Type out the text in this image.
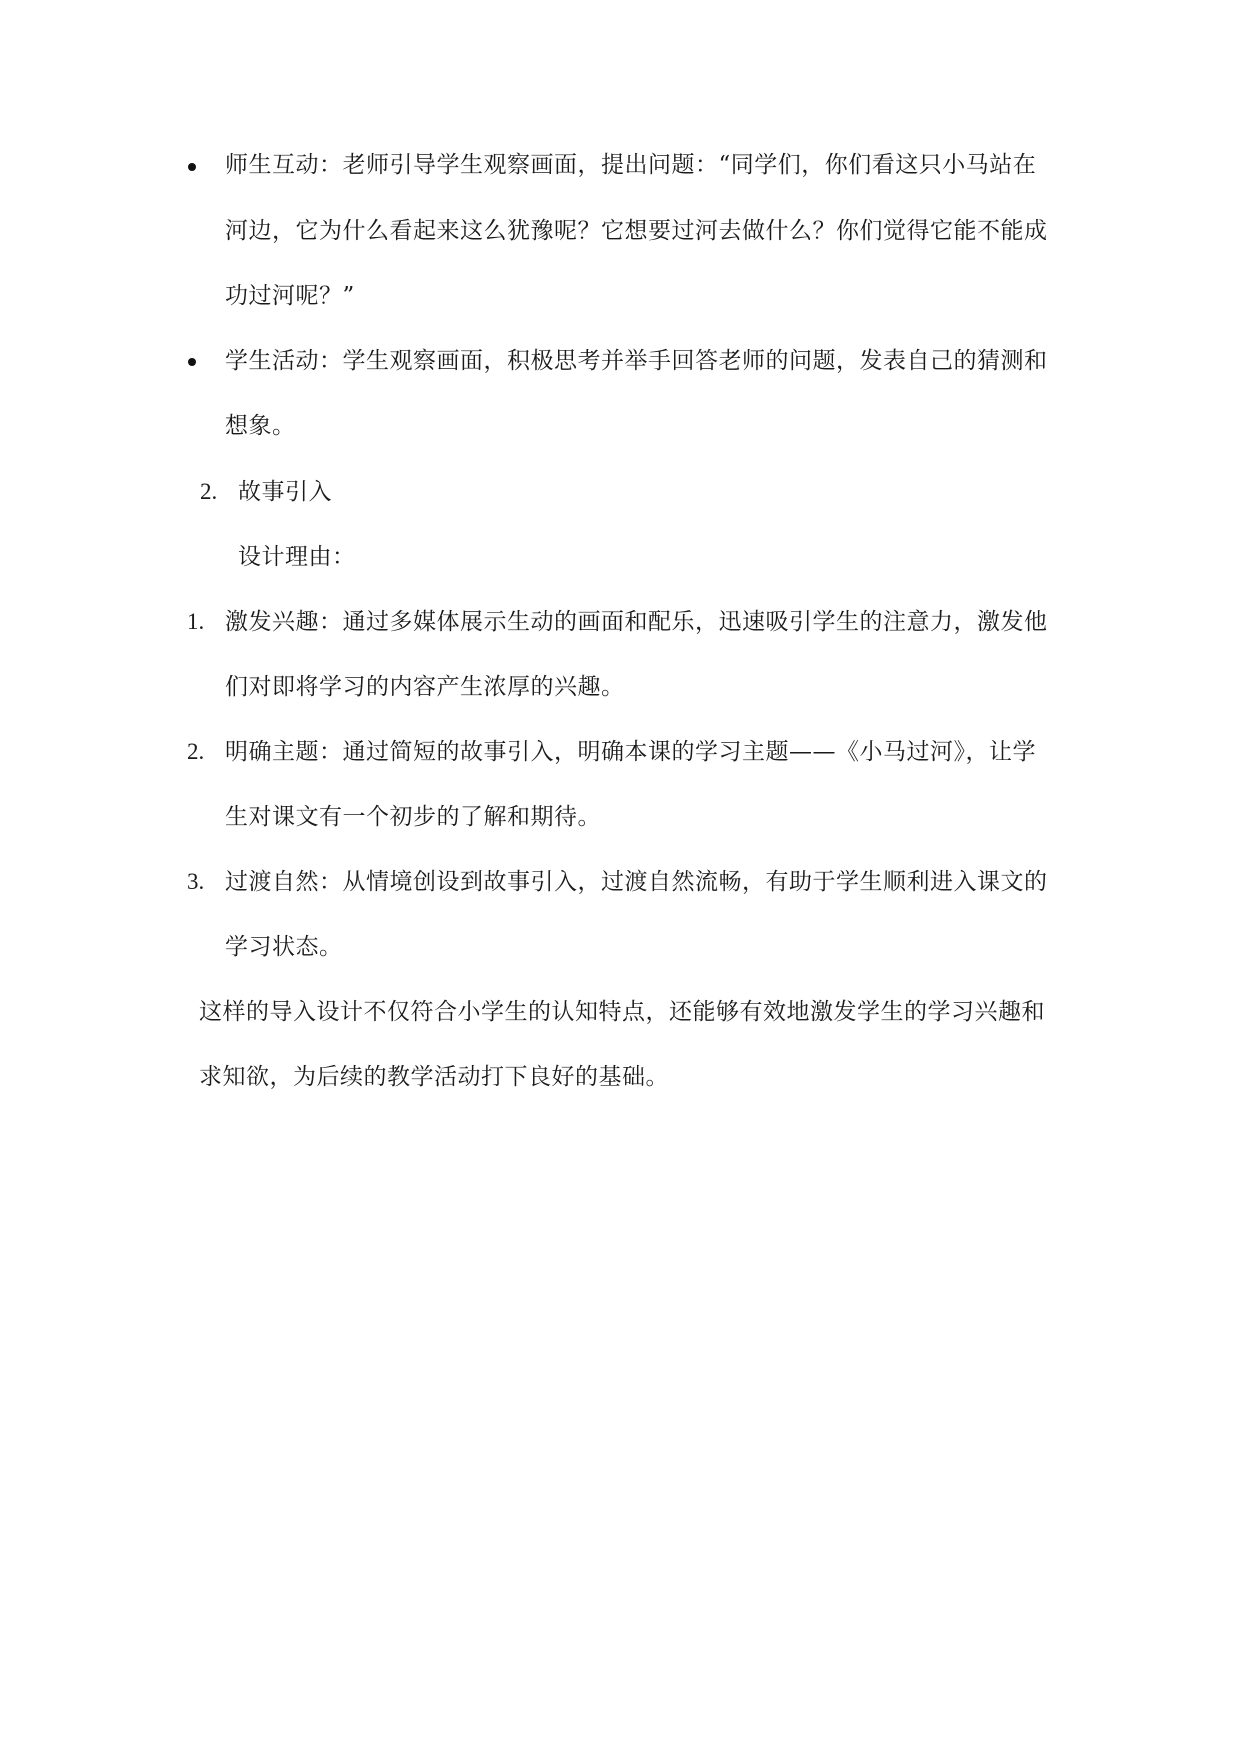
师生互动：老师引导学生观察画面，提出问题：“同学们，你们看这只小马站在
河边，它为什么看起来这么犹豫呢？它想要过河去做什么？你们觉得它能不能成
功过河呢？”
学生活动：学生观察画面，积极思考并举手回答老师的问题，发表自己的猜测和
想象。
2. 故事引入
设计理由：
1. 激发兴趣：通过多媒体展示生动的画面和配乐，迅速吸引学生的注意力，激发他
们对即将学习的内容产生浓厚的兴趣。
2. 明确主题：通过简短的故事引入，明确本课的学习主题——《小马过河》，让学
生对课文有一个初步的了解和期待。
3. 过渡自然：从情境创设到故事引入，过渡自然流畅，有助于学生顺利进入课文的
学习状态。
这样的导入设计不仅符合小学生的认知特点，还能够有效地激发学生的学习兴趣和
求知欲，为后续的教学活动打下良好的基础。
